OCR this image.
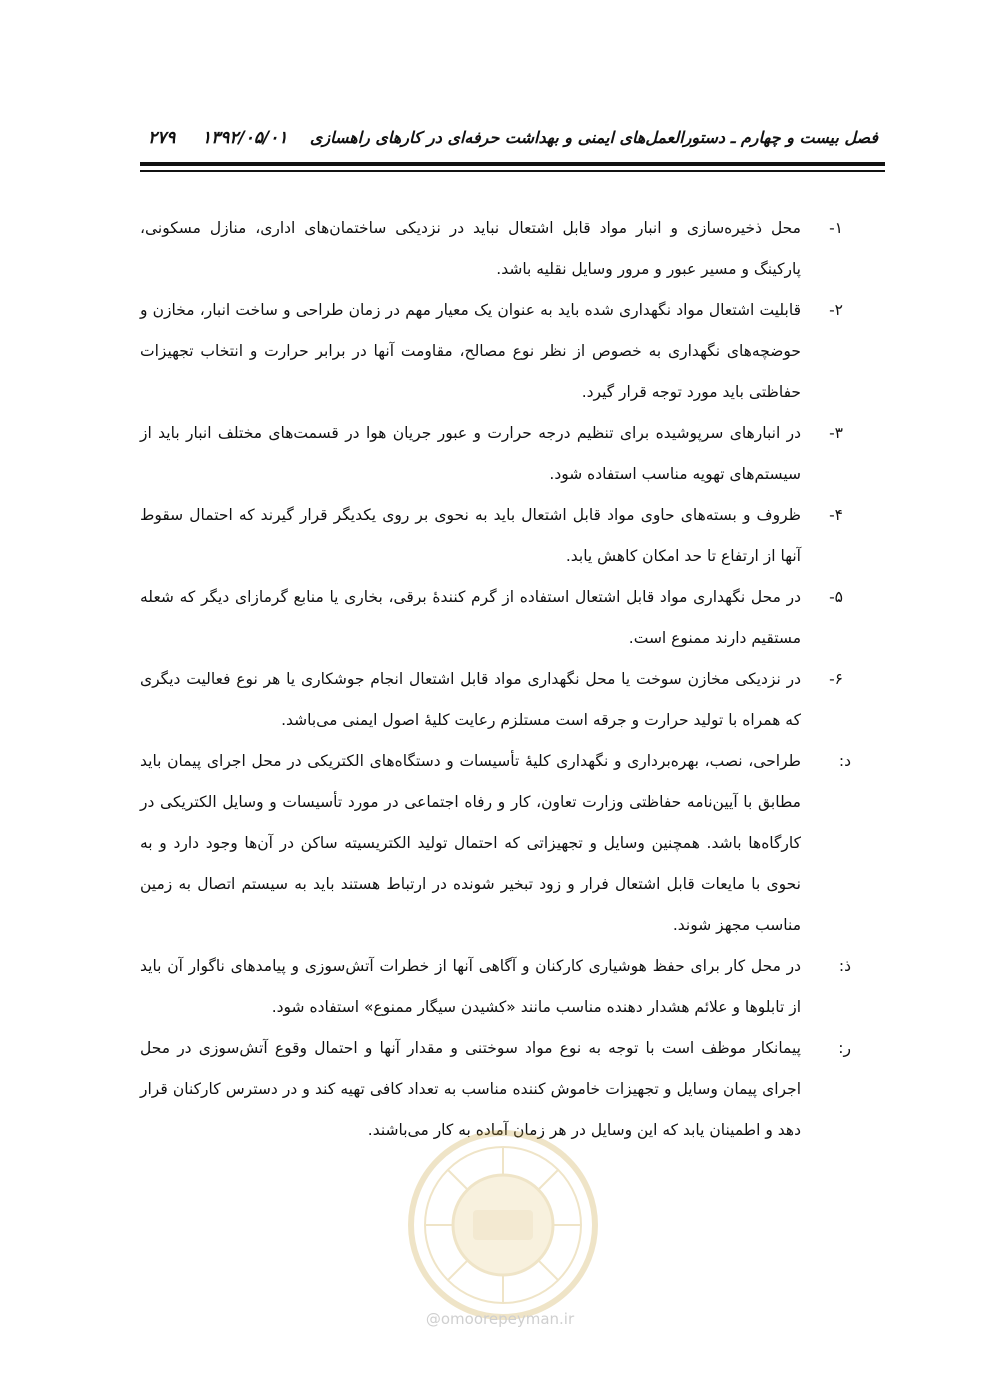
فصل بیست و چهارم ـ دستورالعمل‌های ایمنی و بهداشت حرفه‌ای در کارهای راهسازی
۱۳۹۲/۰۵/۰۱
۲۷۹
۱-
محل ذخیره‌سازی و انبار مواد قابل اشتعال نباید در نزدیکی ساختمان‌های اداری، منازل مسکونی، پارکینگ و مسیر عبور و مرور وسایل نقلیه باشد.
۲-
قابلیت اشتعال مواد نگهداری شده باید به عنوان یک معیار مهم در زمان طراحی و ساخت انبار، مخازن و حوضچه‌های نگهداری به خصوص از نظر نوع مصالح، مقاومت آنها در برابر حرارت و انتخاب تجهیزات حفاظتی باید مورد توجه قرار گیرد.
۳-
در انبارهای سرپوشیده برای تنظیم درجه حرارت و عبور جریان هوا در قسمت‌های مختلف انبار باید از سیستم‌های تهویه مناسب استفاده شود.
۴-
ظروف و بسته‌های حاوی مواد قابل اشتعال باید به نحوی بر روی یکدیگر قرار گیرند که احتمال سقوط آنها از ارتفاع تا حد امکان کاهش یابد.
۵-
در محل نگهداری مواد قابل اشتعال استفاده از گرم کنندۀ برقی، بخاری یا منابع گرمازای دیگر که شعله مستقیم دارند ممنوع است.
۶-
در نزدیکی مخازن سوخت یا محل نگهداری مواد قابل اشتعال انجام جوشکاری یا هر نوع فعالیت دیگری که همراه با تولید حرارت و جرقه است مستلزم رعایت کلیۀ اصول ایمنی می‌باشد.
د:
طراحی، نصب، بهره‌برداری و نگهداری کلیۀ تأسیسات و دستگاه‌های الکتریکی در محل اجرای پیمان باید مطابق با آیین‌نامه حفاظتی وزارت تعاون، کار و رفاه اجتماعی در مورد تأسیسات و وسایل الکتریکی در کارگاه‌ها باشد. همچنین وسایل و تجهیزاتی که احتمال تولید الکتریسیته ساکن در آن‌ها وجود دارد و به نحوی با مایعات قابل اشتعال فرار و زود تبخیر شونده در ارتباط هستند باید به سیستم اتصال به زمین مناسب مجهز شوند.
ذ:
در محل کار برای حفظ هوشیاری کارکنان و آگاهی آنها از خطرات آتش‌سوزی و پیامدهای ناگوار آن باید از تابلوها و علائم هشدار دهنده مناسب مانند «کشیدن سیگار ممنوع» استفاده شود.
ر:
پیمانکار موظف است با توجه به نوع مواد سوختنی و مقدار آنها و احتمال وقوع آتش‌سوزی در محل اجرای پیمان وسایل و تجهیزات خاموش کننده مناسب به تعداد کافی تهیه کند و در دسترس کارکنان قرار دهد و اطمینان یابد که این وسایل در هر زمان آماده به کار می‌باشند.
@omoorepeyman.ir
